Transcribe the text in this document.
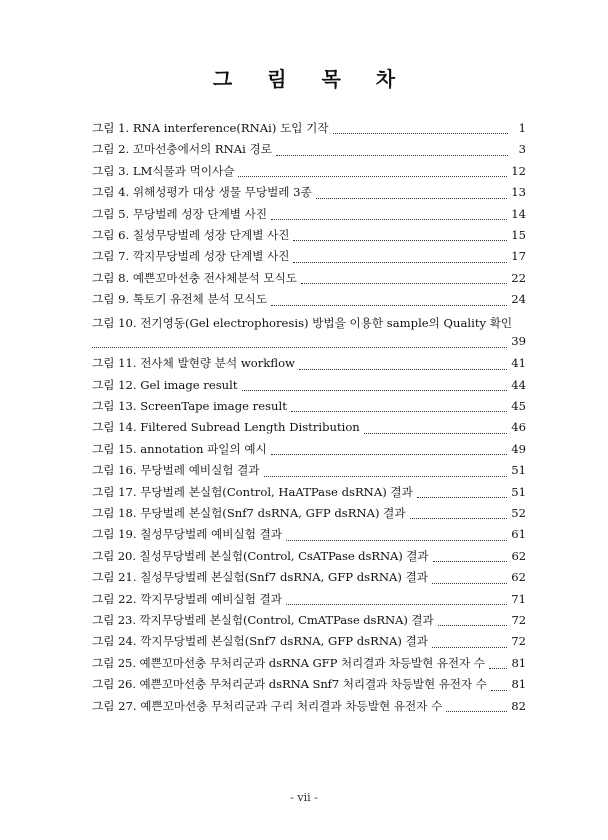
그 림 목 차
그림 1. RNA interference(RNAi) 도입 기작	1
그림 2. 꼬마선충에서의 RNAi 경로	3
그림 3. LM식물과 먹이사슬	12
그림 4. 위해성평가 대상 생물 무당벌레 3종	13
그림 5. 무당벌레 성장 단계별 사진	14
그림 6. 칠성무당벌레 성장 단계별 사진	15
그림 7. 깍지무당벌레 성장 단계별 사진	17
그림 8. 예쁜꼬마선충 전사체분석 모식도	22
그림 9. 톡토기 유전체 분석 모식도	24
그림 10. 전기영동(Gel electrophoresis) 방법을 이용한 sample의 Quality 확인
39
그림 11. 전사체 발현량 분석 workflow	41
그림 12. Gel image result	44
그림 13. ScreenTape image result	45
그림 14. Filtered Subread Length Distribution	46
그림 15. annotation 파일의 예시	49
그림 16. 무당벌레 예비실험 결과	51
그림 17. 무당벌레 본실험(Control, HaATPase dsRNA) 결과	51
그림 18. 무당벌레 본실험(Snf7 dsRNA, GFP dsRNA) 결과	52
그림 19. 칠성무당벌레 예비실험 결과	61
그림 20. 칠성무당벌레 본실험(Control, CsATPase dsRNA) 결과	62
그림 21. 칠성무당벌레 본실험(Snf7 dsRNA, GFP dsRNA) 결과	62
그림 22. 깍지무당벌레 예비실험 결과	71
그림 23. 깍지무당벌레 본실험(Control, CmATPase dsRNA) 결과	72
그림 24. 깍지무당벌레 본실험(Snf7 dsRNA, GFP dsRNA) 결과	72
그림 25. 예쁜꼬마선충 무처리군과 dsRNA GFP 처리결과 차등발현 유전자 수 81
그림 26. 예쁜꼬마선충 무처리군과 dsRNA Snf7 처리결과 차등발현 유전자 수 81
그림 27. 예쁜꼬마선충 무처리군과 구리 처리결과 차등발현 유전자 수	82
- vii -
